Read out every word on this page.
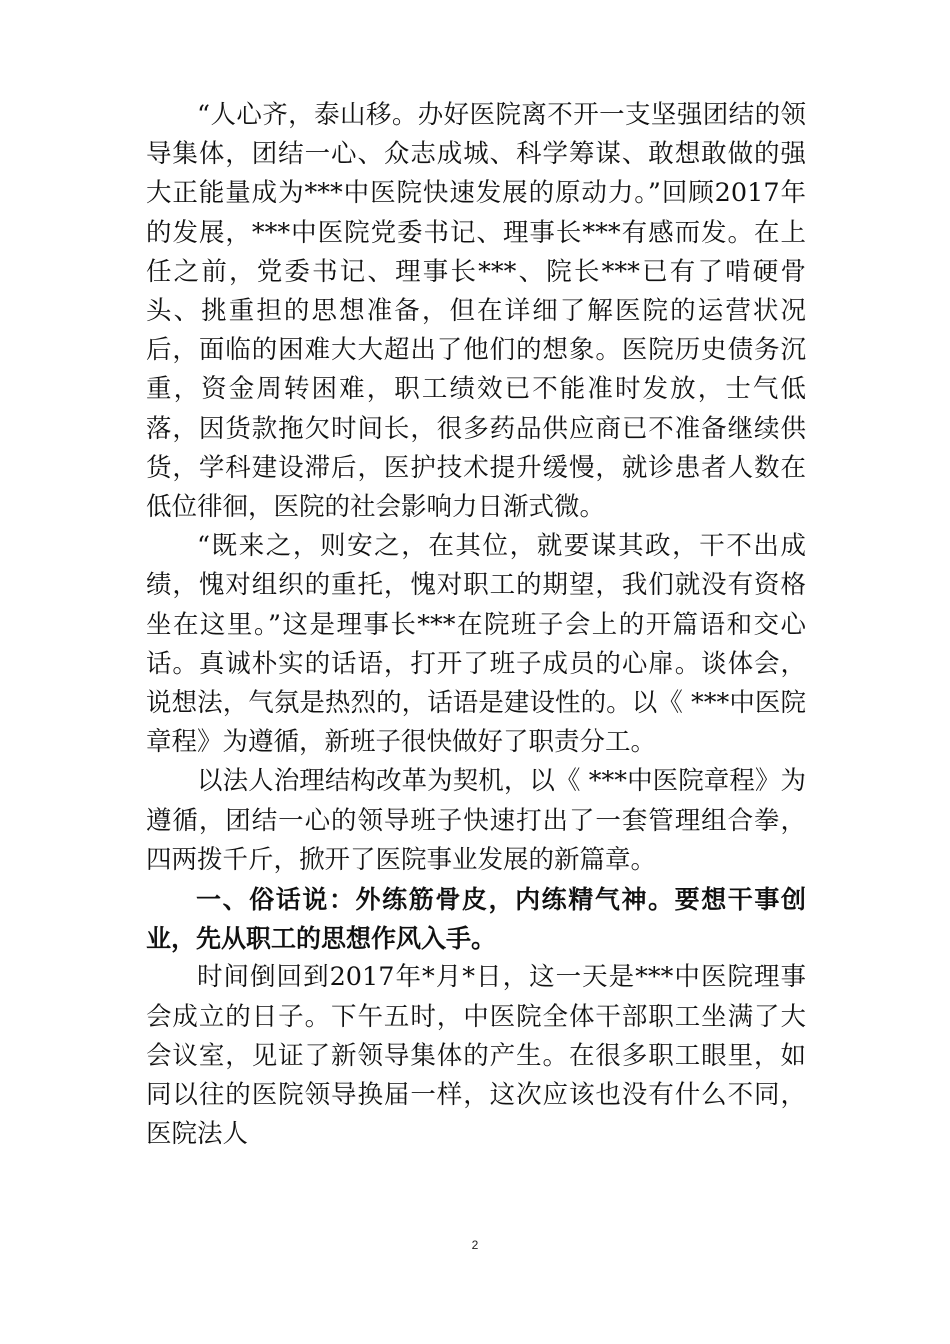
“人心齐，泰山移。办好医院离不开一支坚强团结的领导集体，团结一心、众志成城、科学筹谋、敢想敢做的强大正能量成为***中医院快速发展的原动力。”回顾2017年的发展，***中医院党委书记、理事长***有感而发。在上任之前，党委书记、理事长***、院长***已有了啃硬骨头、挑重担的思想准备，但在详细了解医院的运营状况后，面临的困难大大超出了他们的想象。医院历史债务沉重，资金周转困难，职工绩效已不能准时发放，士气低落，因货款拖欠时间长，很多药品供应商已不准备继续供货，学科建设滞后，医护技术提升缓慢，就诊患者人数在低位徘徊，医院的社会影响力日渐式微。

“既来之，则安之，在其位，就要谋其政，干不出成绩，愧对组织的重托，愧对职工的期望，我们就没有资格坐在这里。”这是理事长***在院班子会上的开篇语和交心话。真诚朴实的话语，打开了班子成员的心扉。谈体会，说想法，气氛是热烈的，话语是建设性的。以《 ***中医院章程》为遵循，新班子很快做好了职责分工。

以法人治理结构改革为契机，以《 ***中医院章程》为遵循，团结一心的领导班子快速打出了一套管理组合拳，四两拨千斤，掀开了医院事业发展的新篇章。

一、俗话说：外练筋骨皮，内练精气神。要想干事创业，先从职工的思想作风入手。

时间倒回到2017年*月*日，这一天是***中医院理事会成立的日子。下午五时，中医院全体干部职工坐满了大会议室，见证了新领导集体的产生。在很多职工眼里，如同以往的医院领导换届一样，这次应该也没有什么不同，医院法人

2
